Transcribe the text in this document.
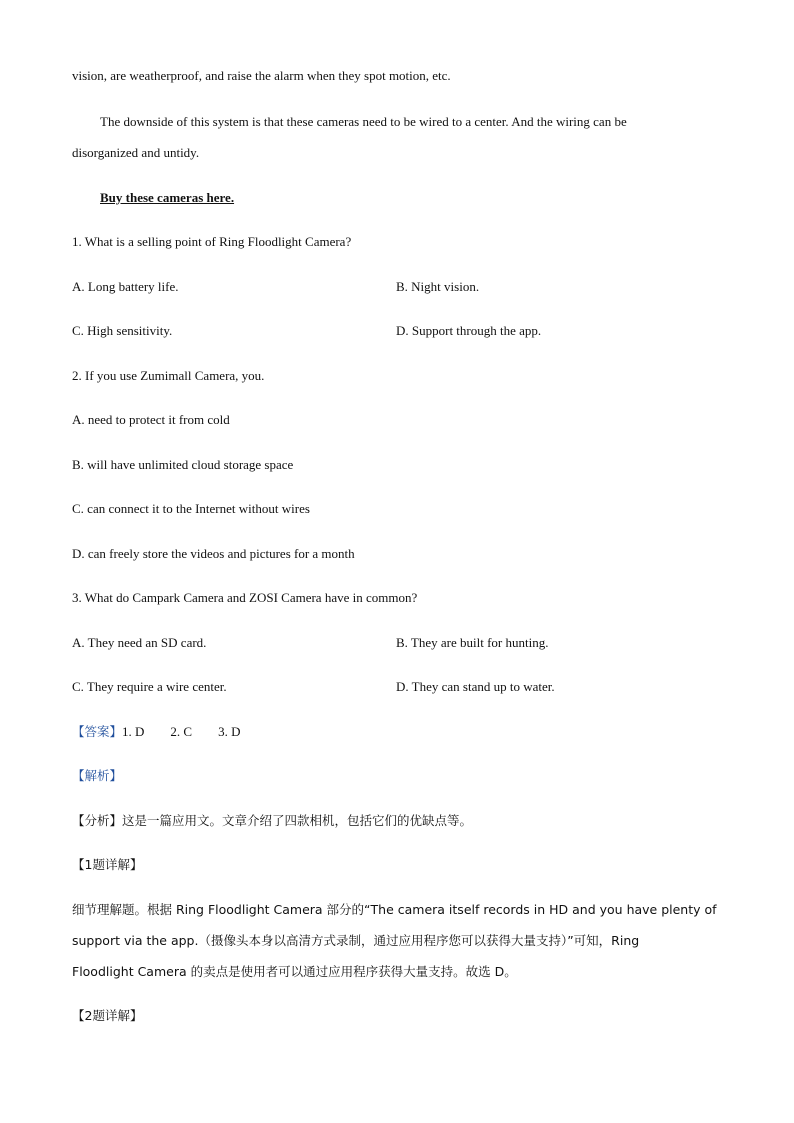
vision, are weatherproof, and raise the alarm when they spot motion, etc.
The downside of this system is that these cameras need to be wired to a center. And the wiring can be
disorganized and untidy.
Buy these cameras here.
1. What is a selling point of Ring Floodlight Camera?
A. Long battery life.	B. Night vision.
C. High sensitivity.	D. Support through the app.
2. If you use Zumimall Camera, you.
A. need to protect it from cold
B. will have unlimited cloud storage space
C. can connect it to the Internet without wires
D. can freely store the videos and pictures for a month
3. What do Campark Camera and ZOSI Camera have in common?
A. They need an SD card.	B. They are built for hunting.
C. They require a wire center.	D. They can stand up to water.
【答案】1. D 2. C 3. D
【解析】
【分析】这是一篇应用文。文章介绍了四款相机，包括它们的优缺点等。
【1题详解】
细节理解题。根据 Ring Floodlight Camera 部分的“The camera itself records in HD and you have plenty of
support via the app.（摄像头本身以高清方式录制，通过应用程序您可以获得大量支持）”可知，Ring
Floodlight Camera 的卖点是使用者可以通过应用程序获得大量支持。故选 D。
【2题详解】
